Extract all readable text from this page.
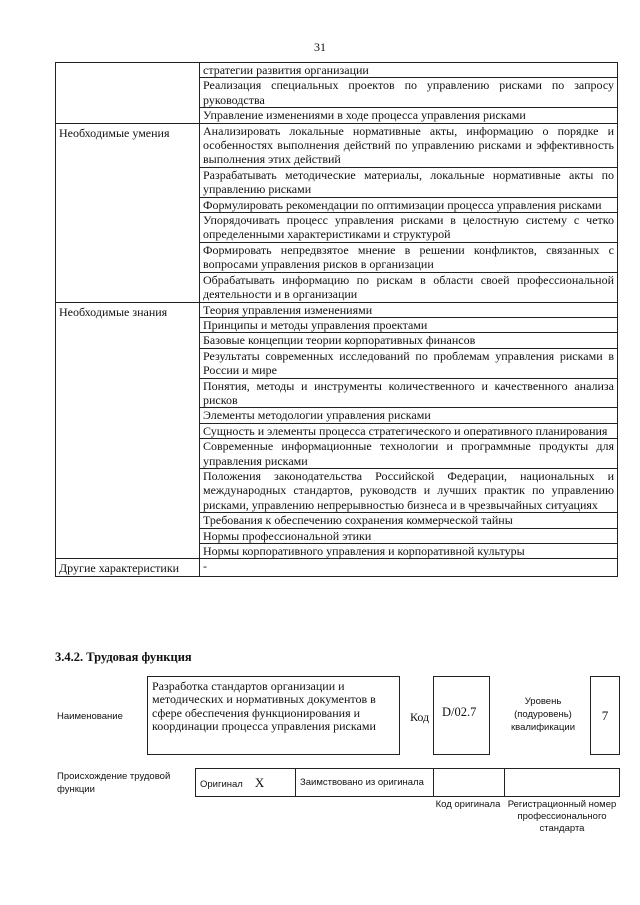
31
	стратегии развития организации
	Реализация специальных проектов по управлению рисками по запросу руководства
	Управление изменениями в ходе процесса управления рисками
Необходимые умения	Анализировать локальные нормативные акты, информацию о порядке и особенностях выполнения действий по управлению рисками и эффективность выполнения этих действий
	Разрабатывать методические материалы, локальные нормативные акты по управлению рисками
	Формулировать рекомендации по оптимизации процесса управления рисками
	Упорядочивать процесс управления рисками в целостную систему с четко определенными характеристиками и структурой
	Формировать непредвзятое мнение в решении конфликтов, связанных с вопросами управления рисков в организации
	Обрабатывать информацию по рискам в области своей профессиональной деятельности и в организации
Необходимые знания	Теория управления изменениями
	Принципы и методы управления проектами
	Базовые концепции теории корпоративных финансов
	Результаты современных исследований по проблемам управления рисками в России и мире
	Понятия, методы и инструменты количественного и качественного анализа рисков
	Элементы методологии управления рисками
	Сущность и элементы процесса стратегического и оперативного планирования
	Современные информационные технологии и программные продукты для управления рисками
	Положения законодательства Российской Федерации, национальных и международных стандартов, руководств и лучших практик по управлению рисками, управлению непрерывностью бизнеса и в чрезвычайных ситуациях
	Требования к обеспечению сохранения коммерческой тайны
	Нормы профессиональной этики
	Нормы корпоративного управления и корпоративной культуры
Другие характеристики	-
3.4.2. Трудовая функция
Наименование
Разработка стандартов организации и методических и нормативных документов в сфере обеспечения функционирования и координации процесса управления рисками
Код	D/02.7
Уровень (подуровень) квалификации
7
Происхождение трудовой функции	Оригинал X	Заимствовано из оригинала		
Код оригинала Регистрационный номер профессионального стандарта
